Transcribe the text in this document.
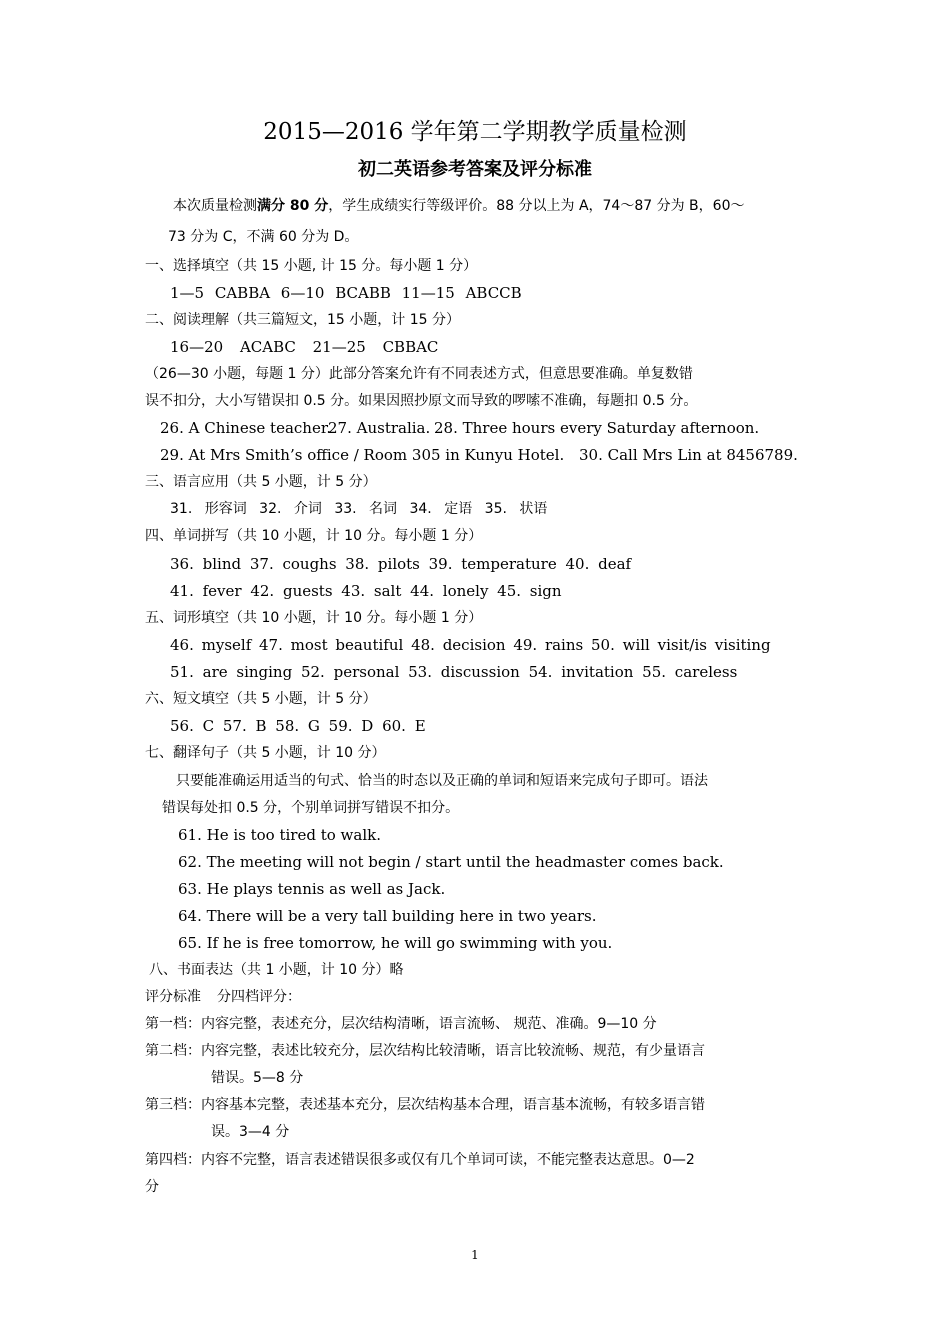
2015—2016 学年第二学期教学质量检测
初二英语参考答案及评分标准
本次质量检测满分 80 分，学生成绩实行等级评价。88 分以上为 A，74～87 分为 B，60～
73 分为 C，不满 60 分为 D。
一、选择填空（共 15 小题, 计 15 分。每小题 1 分）
1—5 CABBA 6—10 BCABB 11—15 ABCCB
二、阅读理解（共三篇短文，15 小题，计 15 分）
16—20 ACABC 21—25 CBBAC
（26—30 小题，每题 1 分）此部分答案允许有不同表述方式，但意思要准确。单复数错
误不扣分，大小写错误扣 0.5 分。如果因照抄原文而导致的啰嗦不准确，每题扣 0.5 分。
26. A Chinese teacher.
27. Australia. 28. Three hours every Saturday afternoon.
29. At Mrs Smith’s office / Room 305 in Kunyu Hotel. 30. Call Mrs Lin at 8456789.
三、语言应用（共 5 小题，计 5 分）
31. 形容词 32. 介词 33. 名词 34. 定语 35. 状语
四、单词拼写（共 10 小题，计 10 分。每小题 1 分）
36. blind 37. coughs 38. pilots 39. temperature 40. deaf
41. fever 42. guests 43. salt 44. lonely 45. sign
五、词形填空（共 10 小题，计 10 分。每小题 1 分）
46. myself 47. most beautiful 48. decision 49. rains 50. will visit/is visiting
51. are singing 52. personal 53. discussion 54. invitation 55. careless
六、短文填空（共 5 小题，计 5 分）
56. C 57. B 58. G 59. D 60. E
七、翻译句子（共 5 小题，计 10 分）
只要能准确运用适当的句式、恰当的时态以及正确的单词和短语来完成句子即可。语法
错误每处扣 0.5 分，个别单词拼写错误不扣分。
61. He is too tired to walk.
62. The meeting will not begin / start until the headmaster comes back.
63. He plays tennis as well as Jack.
64. There will be a very tall building here in two years.
65. If he is free tomorrow, he will go swimming with you.
八、书面表达（共 1 小题，计 10 分）略
评分标准 分四档评分：
第一档：内容完整，表述充分，层次结构清晰，语言流畅、 规范、准确。9—10 分
第二档：内容完整，表述比较充分，层次结构比较清晰，语言比较流畅、规范，有少量语言
错误。5—8 分
第三档：内容基本完整，表述基本充分，层次结构基本合理，语言基本流畅，有较多语言错
误。3—4 分
第四档：内容不完整，语言表述错误很多或仅有几个单词可读，不能完整表达意思。0—2
分
1
